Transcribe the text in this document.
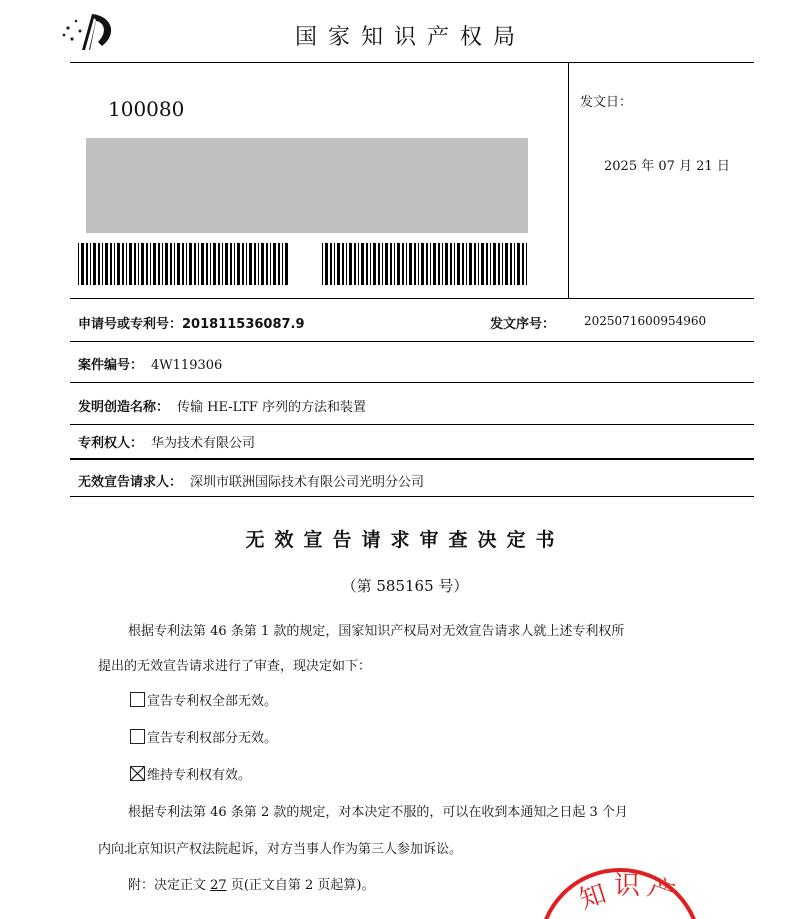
国家知识产权局
100080	发文日：
2025 年 07 月 21 日
申请号或专利号：201811536087.9	发文序号： 2025071600954960
案件编号： 4W119306
发明创造名称： 传输 HE-LTF 序列的方法和装置
专利权人： 华为技术有限公司
无效宣告请求人： 深圳市联洲国际技术有限公司光明分公司
无效宣告请求审查决定书
（第 585165 号）
根据专利法第 46 条第 1 款的规定，国家知识产权局对无效宣告请求人就上述专利权所
提出的无效宣告请求进行了审查，现决定如下：
宣告专利权全部无效。
宣告专利权部分无效。
维持专利权有效。
根据专利法第 46 条第 2 款的规定，对本决定不服的，可以在收到本通知之日起 3 个月
内向北京知识产权法院起诉，对方当事人作为第三人参加诉讼。
附：决定正文 27 页(正文自第 2 页起算)。	知 识 产
